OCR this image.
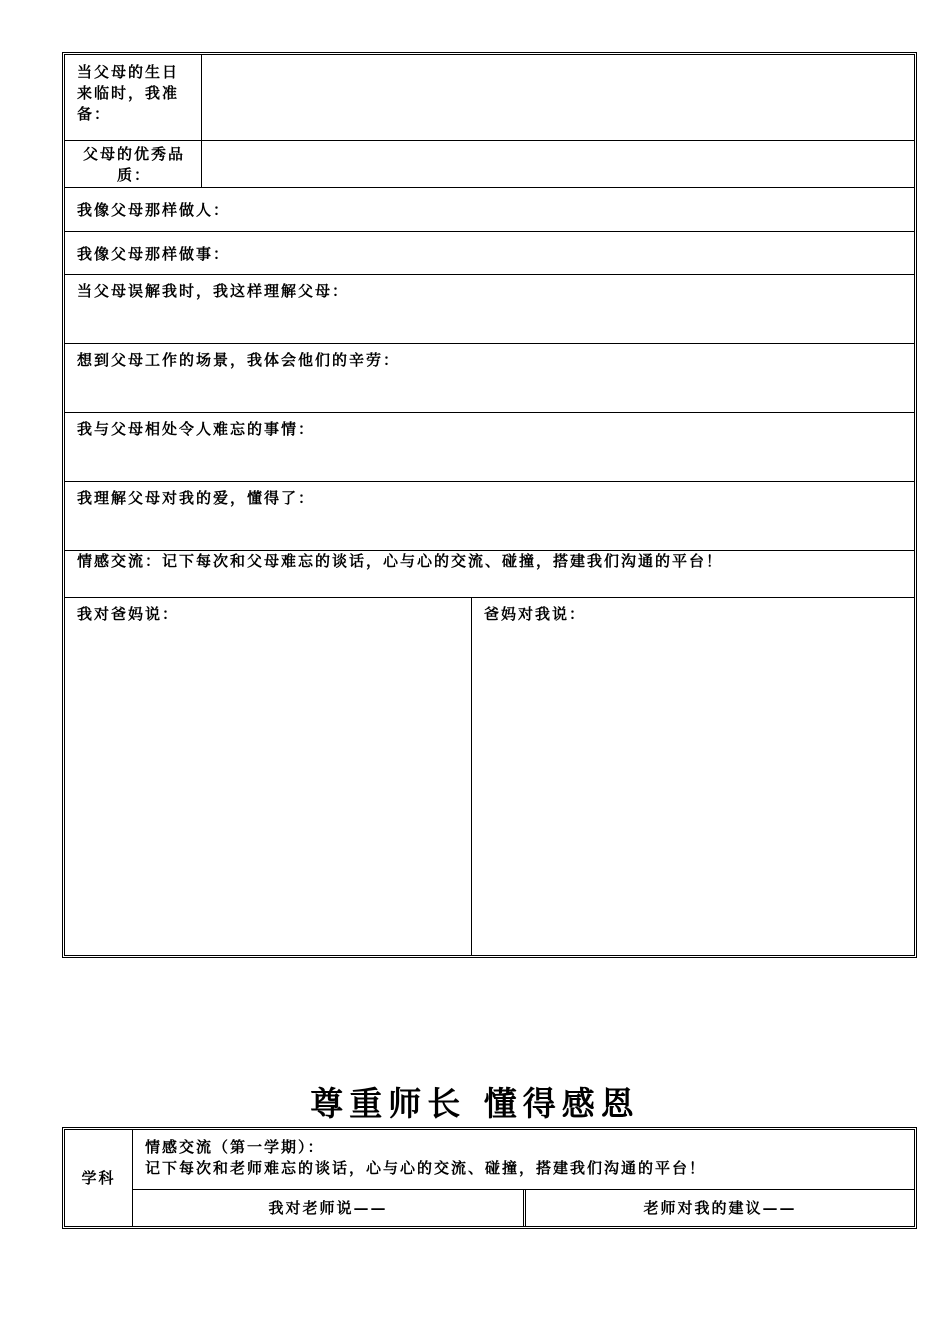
当父母的生日来临时，我准备：
父母的优秀品质：
我像父母那样做人：
我像父母那样做事：
当父母误解我时，我这样理解父母：
想到父母工作的场景，我体会他们的辛劳：
我与父母相处令人难忘的事情：
我理解父母对我的爱，懂得了：
情感交流：记下每次和父母难忘的谈话，心与心的交流、碰撞，搭建我们沟通的平台！
我对爸妈说：	爸妈对我说：
尊重师长 懂得感恩
学科
情感交流（第一学期）：
记下每次和老师难忘的谈话，心与心的交流、碰撞，搭建我们沟通的平台！
我对老师说——	老师对我的建议——
